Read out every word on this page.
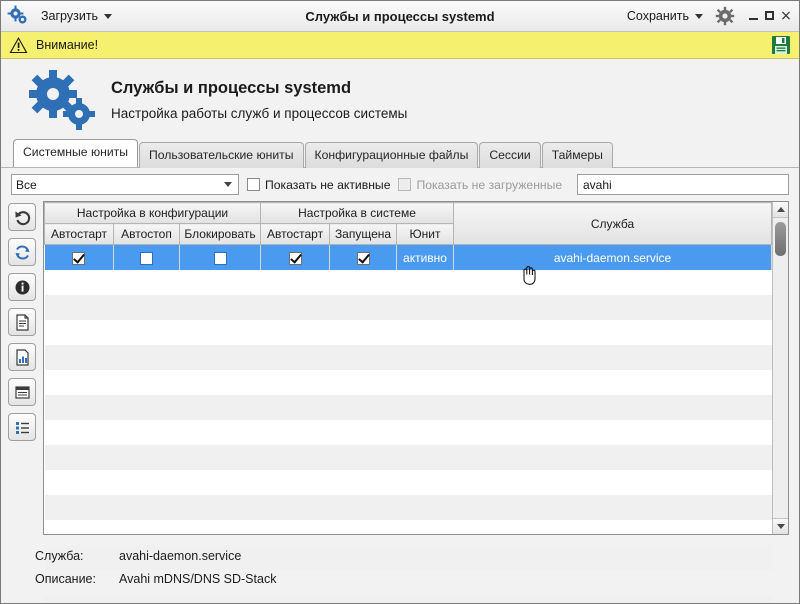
Загрузить	Службы и процессы systemd	Сохранить	×
Внимание!
Службы и процессы systemd
Настройка работы служб и процессов системы
Системные юниты	Пользовательские юниты	Конфигурационные файлы	Сессии	Таймеры
Все	Показать не активные Показать не загруженные avahi
Настройка в конфигурации			Настройка в системе			Служба
Автостарт	Автостоп	Блокировать	Автостарт	Запущена	Юнит	
					активно	avahi-daemon.service

Служба:	avahi-daemon.service
Описание:	Avahi mDNS/DNS SD-Stack
